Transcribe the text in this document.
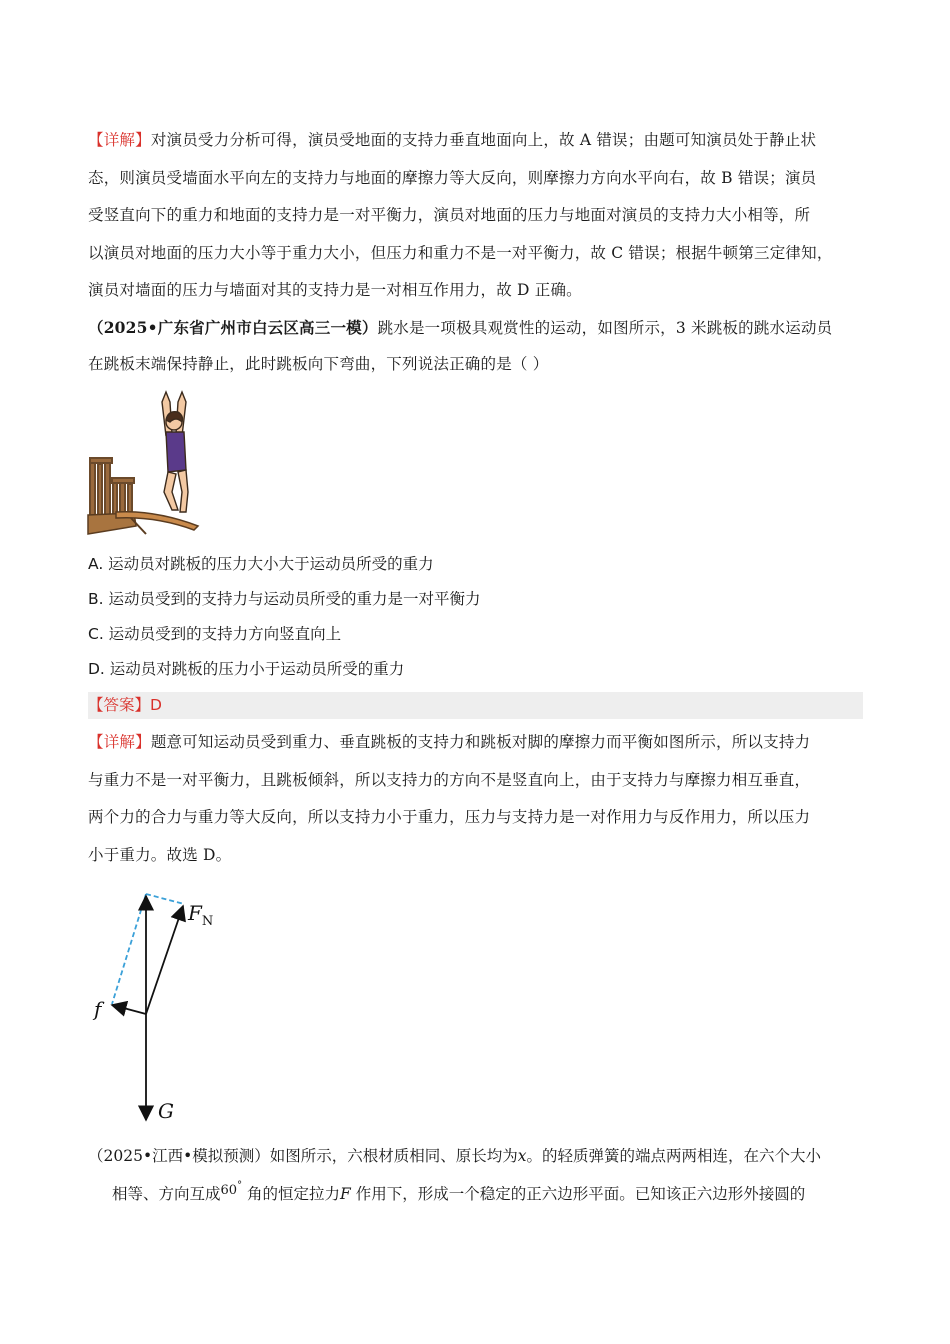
【详解】对演员受力分析可得，演员受地面的支持力垂直地面向上，故 A 错误；由题可知演员处于静止状
态，则演员受墙面水平向左的支持力与地面的摩擦力等大反向，则摩擦力方向水平向右，故 B 错误；演员
受竖直向下的重力和地面的支持力是一对平衡力，演员对地面的压力与地面对演员的支持力大小相等，所
以演员对地面的压力大小等于重力大小，但压力和重力不是一对平衡力，故 C 错误；根据牛顿第三定律知，
演员对墙面的压力与墙面对其的支持力是一对相互作用力，故 D 正确。
（2025•广东省广州市白云区高三一模）跳水是一项极具观赏性的运动，如图所示，3 米跳板的跳水运动员
在跳板末端保持静止，此时跳板向下弯曲，下列说法正确的是（ ）
A. 运动员对跳板的压力大小大于运动员所受的重力
B. 运动员受到的支持力与运动员所受的重力是一对平衡力
C. 运动员受到的支持力方向竖直向上
D. 运动员对跳板的压力小于运动员所受的重力
【答案】D
【详解】题意可知运动员受到重力、垂直跳板的支持力和跳板对脚的摩擦力而平衡如图所示，所以支持力
与重力不是一对平衡力，且跳板倾斜，所以支持力的方向不是竖直向上，由于支持力与摩擦力相互垂直，
两个力的合力与重力等大反向，所以支持力小于重力，压力与支持力是一对作用力与反作用力，所以压力
小于重力。故选 D。
$F_N$
f
G
（2025•江西•模拟预测）如图所示，六根材质相同、原长均为x。的轻质弹簧的端点两两相连，在六个大小
相等、方向互成$^{60^\circ}$ 角的恒定拉力F 作用下，形成一个稳定的正六边形平面。已知该正六边形外接圆的
